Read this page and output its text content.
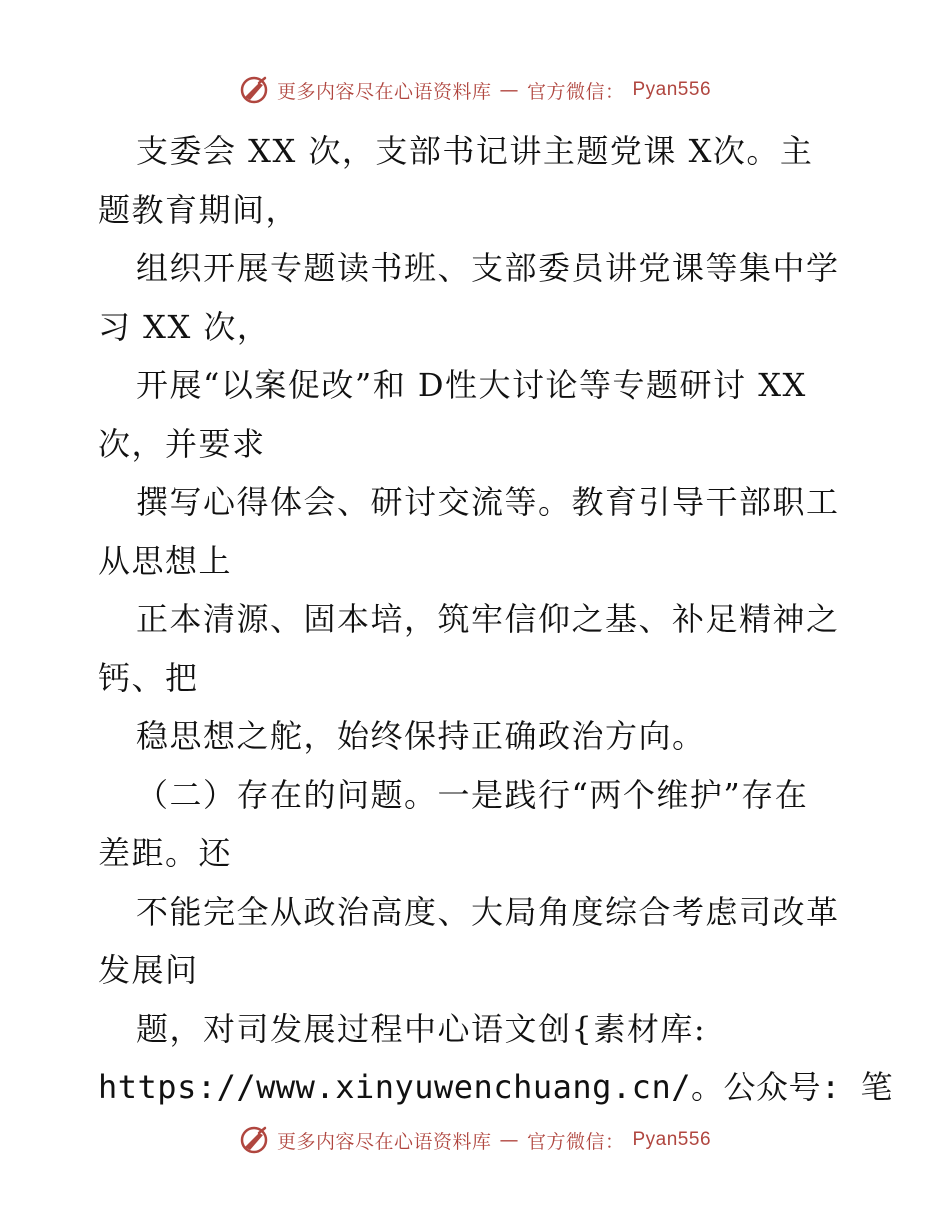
更多内容尽在心语资料库 — 官方微信： Pyan556
支委会 XX 次，支部书记讲主题党课 X次。主
题教育期间，
组织开展专题读书班、支部委员讲党课等集中学
习 XX 次，
开展“以案促改”和 D性大讨论等专题研讨 XX
次，并要求
撰写心得体会、研讨交流等。教育引导干部职工
从思想上
正本清源、固本培，筑牢信仰之基、补足精神之
钙、把
稳思想之舵，始终保持正确政治方向。
（二）存在的问题。一是践行“两个维护”存在
差距。还
不能完全从政治高度、大局角度综合考虑司改革
发展问
题，对司发展过程中心语文创{素材库:
https://www.xinyuwenchuang.cn/。公众号: 笔
更多内容尽在心语资料库 — 官方微信： Pyan556
